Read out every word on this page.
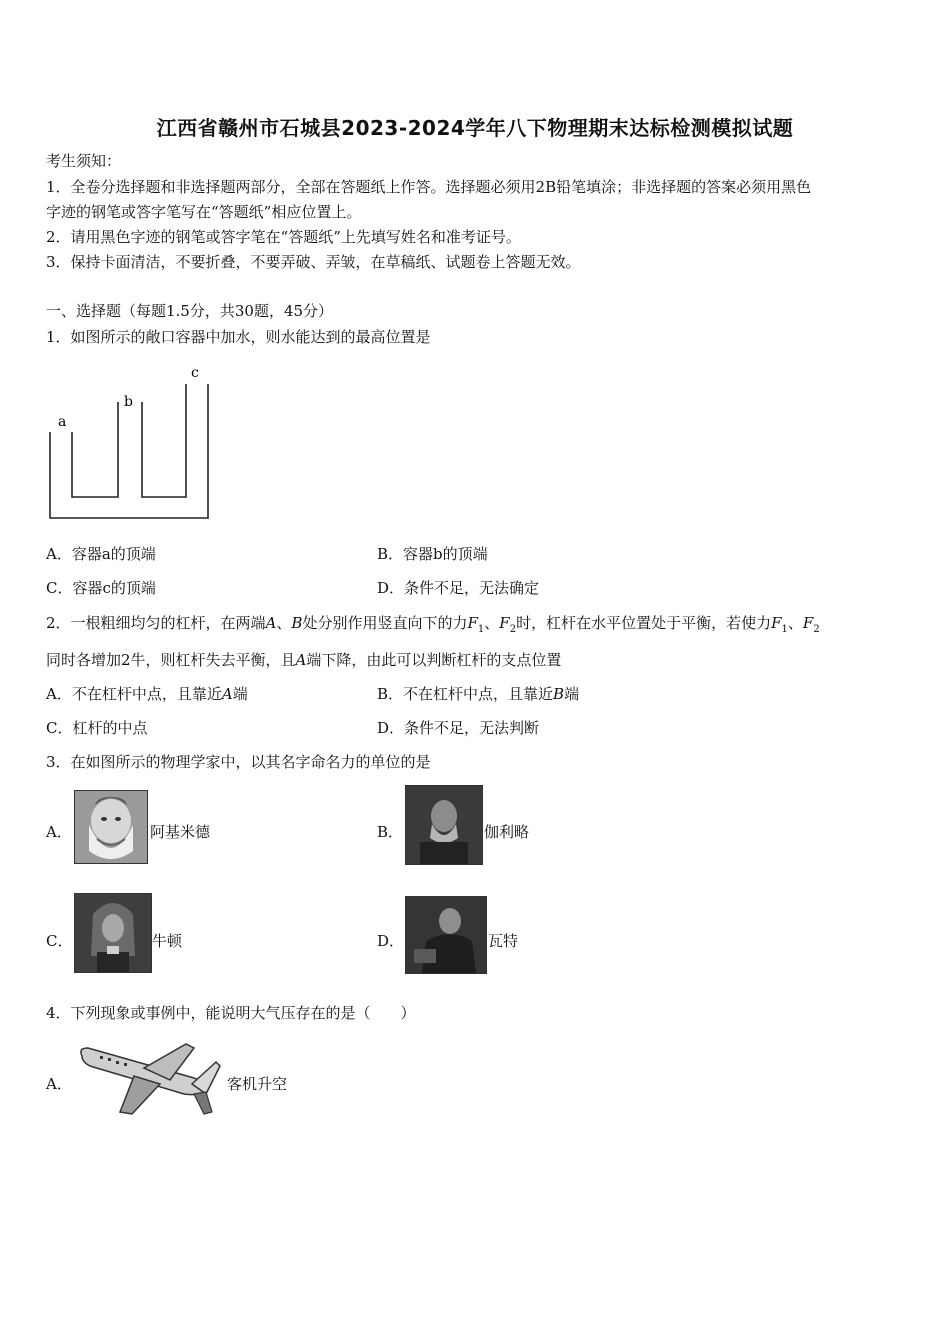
江西省赣州市石城县2023-2024学年八下物理期末达标检测模拟试题
考生须知：
1．全卷分选择题和非选择题两部分，全部在答题纸上作答。选择题必须用2B铅笔填涂；非选择题的答案必须用黑色
字迹的钢笔或答字笔写在“答题纸”相应位置上。
2．请用黑色字迹的钢笔或答字笔在“答题纸”上先填写姓名和准考证号。
3．保持卡面清洁，不要折叠，不要弄破、弄皱，在草稿纸、试题卷上答题无效。
一、选择题（每题1.5分，共30题，45分）
1．如图所示的敞口容器中加水，则水能达到的最高位置是
a
b
c
A．容器a的顶端	B．容器b的顶端
C．容器c的顶端	D．条件不足，无法确定
2．一根粗细均匀的杠杆，在两端A、B处分别作用竖直向下的力$F_1$、$F_2$时，杠杆在水平位置处于平衡，若使力$F_1$、$F_2$
同时各增加2牛，则杠杆失去平衡，且A端下降，由此可以判断杠杆的支点位置
A．不在杠杆中点，且靠近A端	B．不在杠杆中点，且靠近B端
C．杠杆的中点	D．条件不足，无法判断
3．在如图所示的物理学家中，以其名字命名力的单位的是
A．	阿基米德	B．	伽利略
C．	牛顿	D．	瓦特
4．下列现象或事例中，能说明大气压存在的是（　　）
A．	客机升空
